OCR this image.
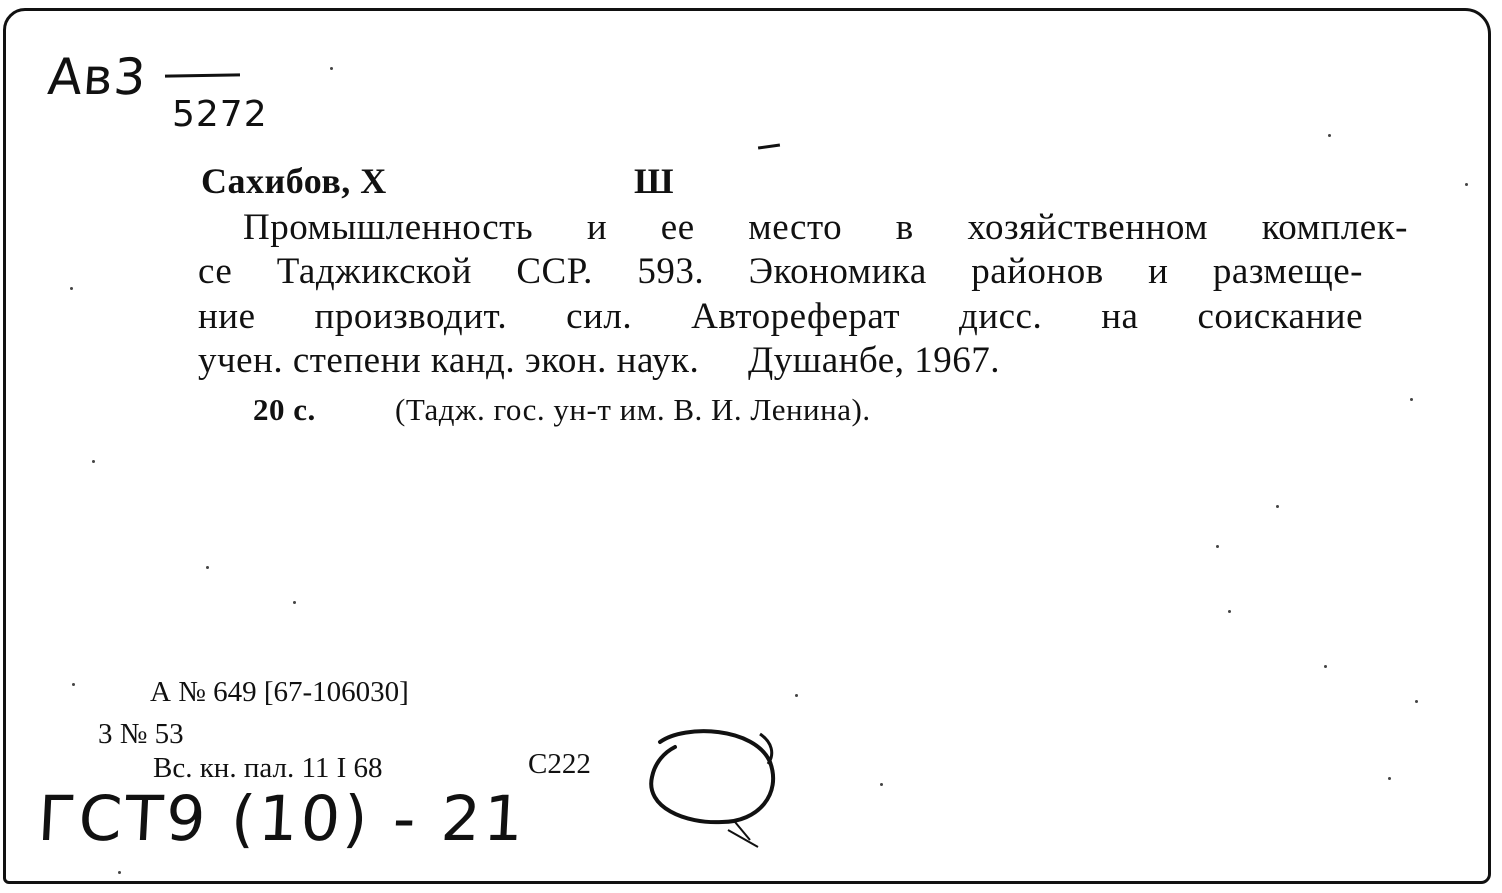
Ав3
5272
Сахибов, Х	Ш
Промышленность и ее место в хозяйственном комплек-
се Таджикской ССР. 593. Экономика районов и размеще-
ние производит. сил. Автореферат дисс. на соискание
учен. степени канд. экон. наук.     Душанбе, 1967.
20 с.	(Тадж. гос. ун-т им. В. И. Ленина).
А № 649 [67-106030]
3 № 53
Вс. кн. пал. 11 I 68	С222
ГСТ9 (10) - 21
